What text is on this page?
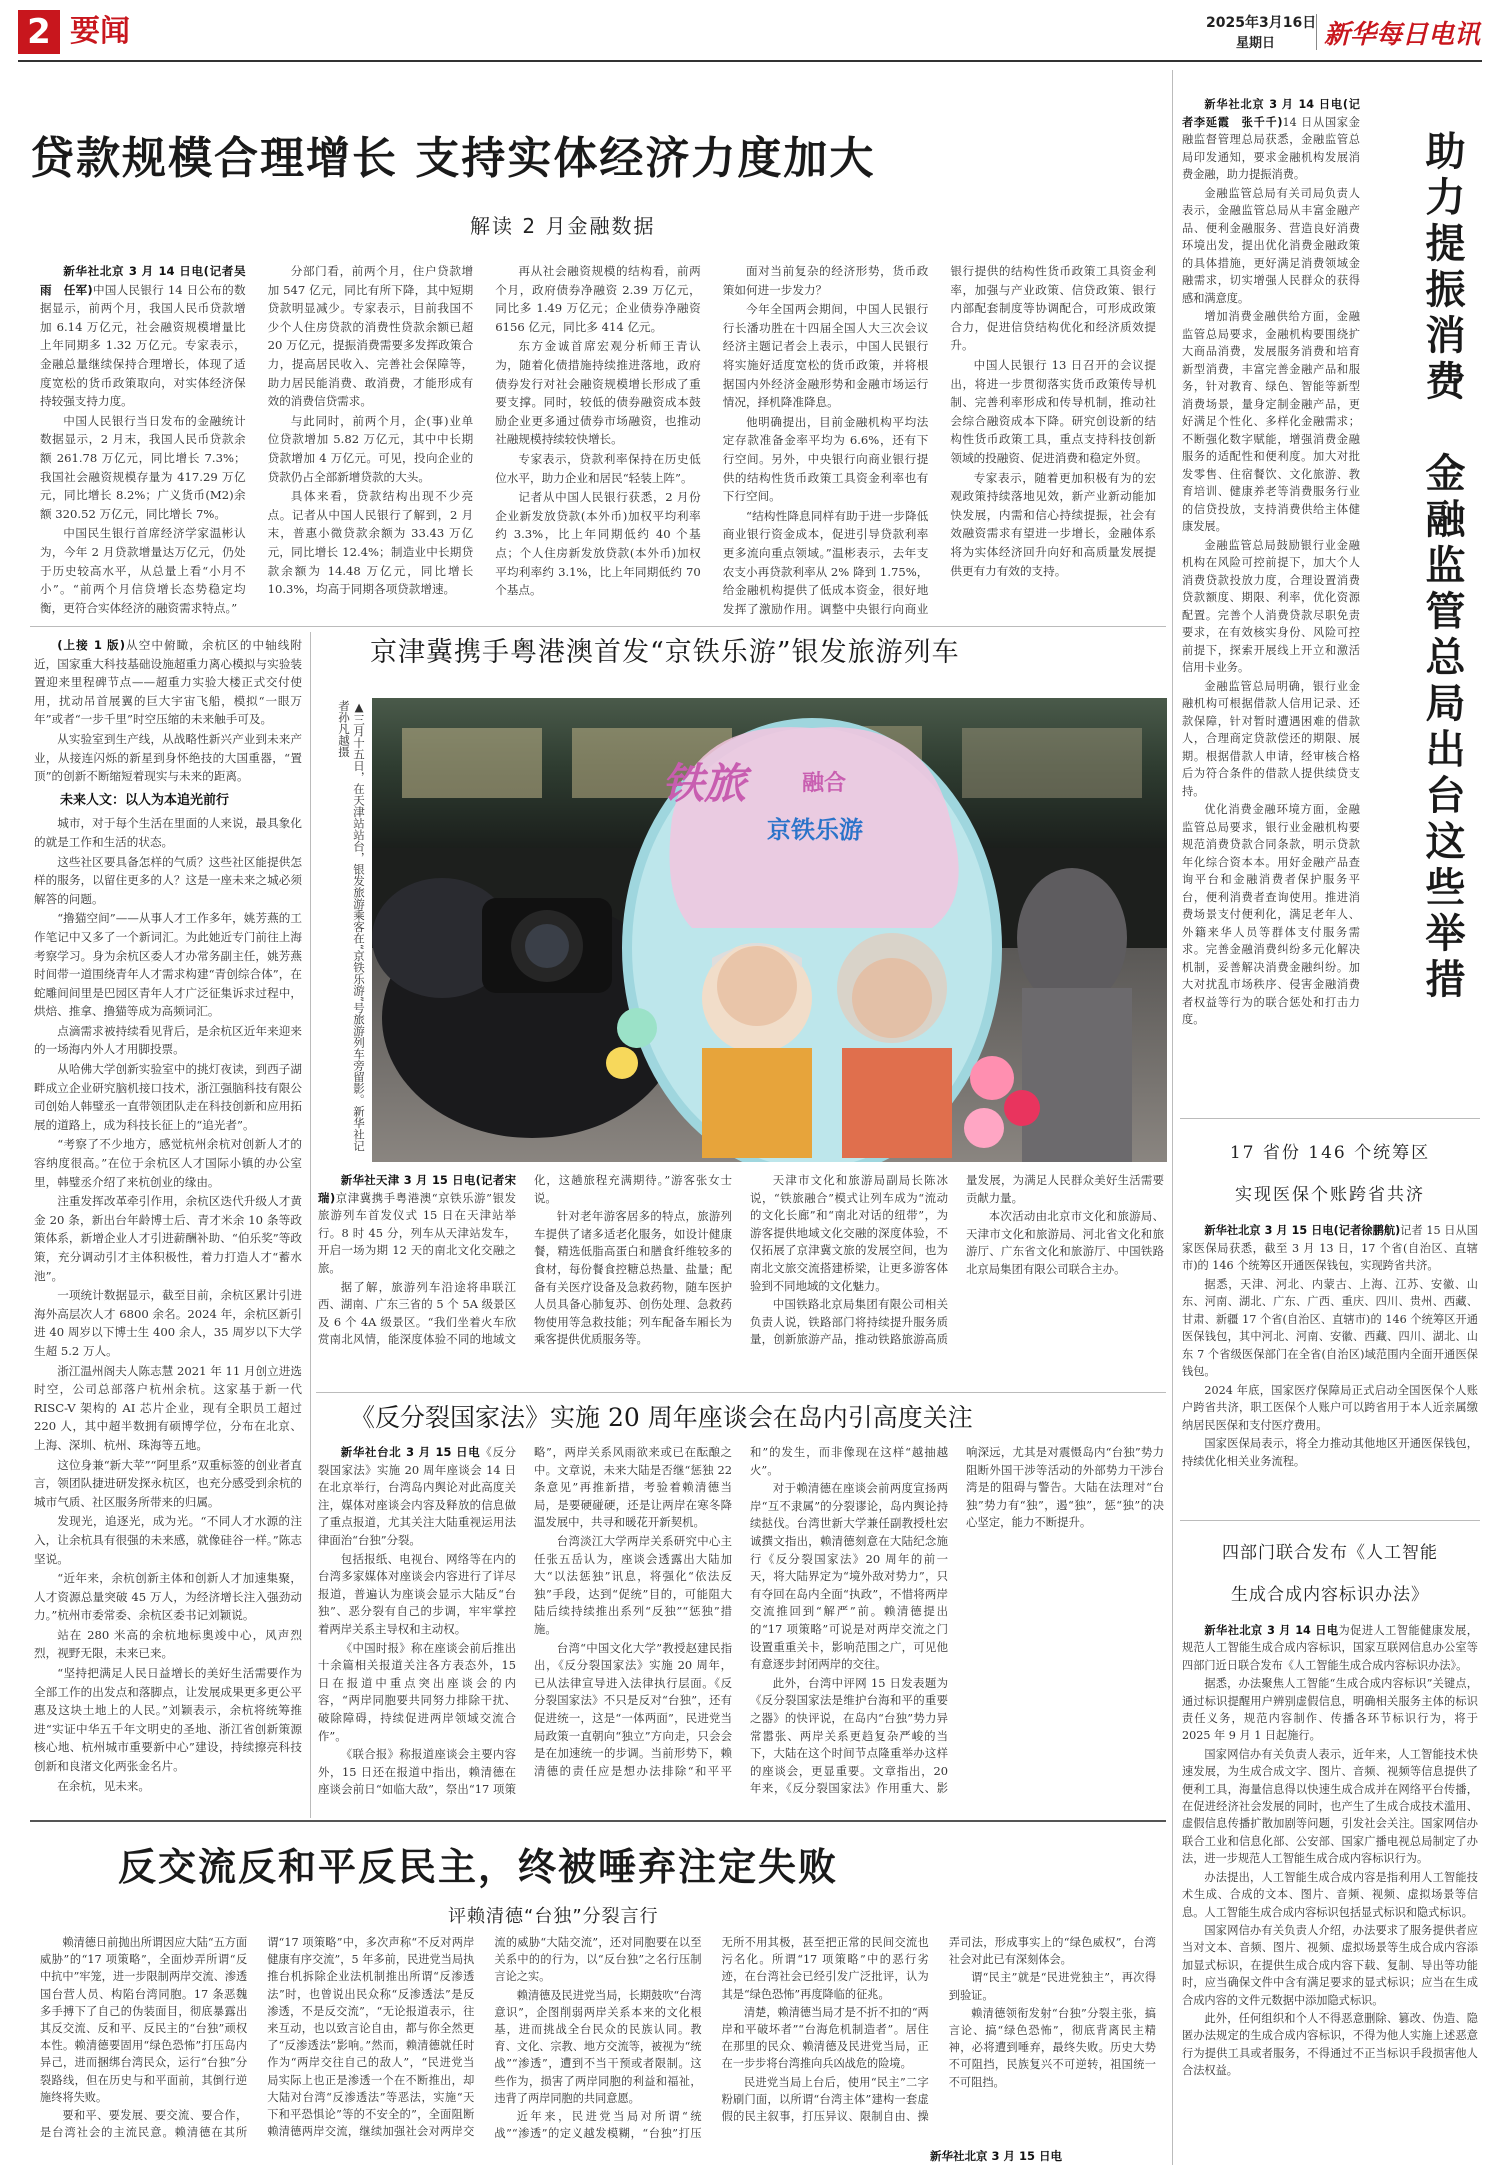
2 要闻	2025年3月16日
星期日 新华每日电讯
贷款规模合理增长 支持实体经济力度加大
解读 2 月金融数据

新华社北京 3 月 14 日电(记者吴雨　任军)中国人民银行 14 日公布的数据显示，前两个月，我国人民币贷款增加 6.14 万亿元，社会融资规模增量比上年同期多 1.32 万亿元。专家表示，金融总量继续保持合理增长，体现了适度宽松的货币政策取向，对实体经济保持较强支持力度。

中国人民银行当日发布的金融统计数据显示，2 月末，我国人民币贷款余额 261.78 万亿元，同比增长 7.3%；我国社会融资规模存量为 417.29 万亿元，同比增长 8.2%；广义货币(M2)余额 320.52 万亿元，同比增长 7%。

中国民生银行首席经济学家温彬认为，今年 2 月贷款增量达万亿元，仍处于历史较高水平，从总量上看“小月不小”。“前两个月信贷增长态势稳定均衡，更符合实体经济的融资需求特点。”

分部门看，前两个月，住户贷款增加 547 亿元，同比有所下降，其中短期贷款明显减少。专家表示，目前我国不少个人住房贷款的消费性贷款余额已超 20 万亿元，提振消费需要多发挥政策合力，提高居民收入、完善社会保障等，助力居民能消费、敢消费，才能形成有效的消费信贷需求。

与此同时，前两个月，企(事)业单位贷款增加 5.82 万亿元，其中中长期贷款增加 4 万亿元。可见，投向企业的贷款仍占全部新增贷款的大头。

具体来看，贷款结构出现不少亮点。记者从中国人民银行了解到，2 月末，普惠小微贷款余额为 33.43 万亿元，同比增长 12.4%；制造业中长期贷款余额为 14.48 万亿元，同比增长 10.3%，均高于同期各项贷款增速。

再从社会融资规模的结构看，前两个月，政府债券净融资 2.39 万亿元，同比多 1.49 万亿元；企业债券净融资 6156 亿元，同比多 414 亿元。

东方金诚首席宏观分析师王青认为，随着化债措施持续推进落地，政府债券发行对社会融资规模增长形成了重要支撑。同时，较低的债券融资成本鼓励企业更多通过债券市场融资，也推动社融规模持续较快增长。

专家表示，贷款利率保持在历史低位水平，助力企业和居民“轻装上阵”。

记者从中国人民银行获悉，2 月份企业新发放贷款(本外币)加权平均利率约 3.3%，比上年同期低约 40 个基点；个人住房新发放贷款(本外币)加权平均利率约 3.1%，比上年同期低约 70 个基点。

面对当前复杂的经济形势，货币政策如何进一步发力？

今年全国两会期间，中国人民银行行长潘功胜在十四届全国人大三次会议经济主题记者会上表示，中国人民银行将实施好适度宽松的货币政策，并将根据国内外经济金融形势和金融市场运行情况，择机降准降息。

他明确提出，目前金融机构平均法定存款准备金率平均为 6.6%，还有下行空间。另外，中央银行向商业银行提供的结构性货币政策工具资金利率也有下行空间。

“结构性降息同样有助于进一步降低商业银行资金成本，促进引导贷款利率更多流向重点领域。”温彬表示，去年支农支小再贷款利率从 2% 降到 1.75%，给金融机构提供了低成本资金，很好地发挥了激励作用。调整中央银行向商业银行提供的结构性货币政策工具资金利率，加强与产业政策、信贷政策、银行内部配套制度等协调配合，可形成政策合力，促进信贷结构优化和经济质效提升。

中国人民银行 13 日召开的会议提出，将进一步贯彻落实货币政策传导机制、完善利率形成和传导机制，推动社会综合融资成本下降。研究创设新的结构性货币政策工具，重点支持科技创新领域的投融资、促进消费和稳定外贸。

专家表示，随着更加积极有为的宏观政策持续落地见效，新产业新动能加快发展，内需和信心持续提振，社会有效融资需求有望进一步增长，金融体系将为实体经济回升向好和高质量发展提供更有力有效的支持。

新华社北京 3 月 14 日电(记者李延霞　张千千)14 日从国家金融监督管理总局获悉，金融监管总局印发通知，要求金融机构发展消费金融，助力提振消费。

金融监管总局有关司局负责人表示，金融监管总局从丰富金融产品、便利金融服务、营造良好消费环境出发，提出优化消费金融政策的具体措施，更好满足消费领域金融需求，切实增强人民群众的获得感和满意度。

增加消费金融供给方面，金融监管总局要求，金融机构要围绕扩大商品消费，发展服务消费和培育新型消费，丰富完善金融产品和服务，针对教育、绿色、智能等新型消费场景，量身定制金融产品，更好满足个性化、多样化金融需求；不断强化数字赋能，增强消费金融服务的适配性和便利度。加大对批发零售、住宿餐饮、文化旅游、教育培训、健康养老等消费服务行业的信贷投放，支持消费供给主体健康发展。

金融监管总局鼓励银行业金融机构在风险可控前提下，加大个人消费贷款投放力度，合理设置消费贷款额度、期限、利率，优化资源配置。完善个人消费贷款尽职免责要求，在有效核实身份、风险可控前提下，探索开展线上开立和激活信用卡业务。

金融监管总局明确，银行业金融机构可根据借款人信用记录、还款保障，针对暂时遭遇困难的借款人，合理商定贷款偿还的期限、展期。根据借款人申请，经审核合格后为符合条件的借款人提供续贷支持。

优化消费金融环境方面，金融监管总局要求，银行业金融机构要规范消费贷款合同条款，明示贷款年化综合资本本。用好金融产品查询平台和金融消费者保护服务平台，便利消费者查询使用。推进消费场景支付便利化，满足老年人、外籍来华人员等群体支付服务需求。完善金融消费纠纷多元化解决机制，妥善解决消费金融纠纷。加大对扰乱市场秩序、侵害金融消费者权益等行为的联合惩处和打击力度。

助力提振消费　金融监管总局出台这些举措
17 省份 146 个统筹区
实现医保个账跨省共济

新华社北京 3 月 15 日电(记者徐鹏航)记者 15 日从国家医保局获悉，截至 3 月 13 日，17 个省(自治区、直辖市)的 146 个统筹区开通医保钱包，实现跨省共济。

据悉，天津、河北、内蒙古、上海、江苏、安徽、山东、河南、湖北、广东、广西、重庆、四川、贵州、西藏、甘肃、新疆 17 个省(自治区、直辖市)的 146 个统筹区开通医保钱包，其中河北、河南、安徽、西藏、四川、湖北、山东 7 个省级医保部门在全省(自治区)域范围内全面开通医保钱包。

2024 年底，国家医疗保障局正式启动全国医保个人账户跨省共济，职工医保个人账户可以跨省用于本人近亲属缴纳居民医保和支付医疗费用。

国家医保局表示，将全力推动其他地区开通医保钱包，持续优化相关业务流程。

四部门联合发布《人工智能
生成合成内容标识办法》

新华社北京 3 月 14 日电为促进人工智能健康发展，规范人工智能生成合成内容标识，国家互联网信息办公室等四部门近日联合发布《人工智能生成合成内容标识办法》。

据悉，办法聚焦人工智能“生成合成内容标识”关键点，通过标识提醒用户辨别虚假信息，明确相关服务主体的标识责任义务，规范内容制作、传播各环节标识行为，将于 2025 年 9 月 1 日起施行。

国家网信办有关负责人表示，近年来，人工智能技术快速发展，为生成合成文字、图片、音频、视频等信息提供了便利工具，海量信息得以快速生成合成并在网络平台传播，在促进经济社会发展的同时，也产生了生成合成技术滥用、虚假信息传播扩散加剧等问题，引发社会关注。国家网信办联合工业和信息化部、公安部、国家广播电视总局制定了办法，进一步规范人工智能生成合成内容标识行为。

办法提出，人工智能生成合成内容是指利用人工智能技术生成、合成的文本、图片、音频、视频、虚拟场景等信息。人工智能生成合成内容标识包括显式标识和隐式标识。

国家网信办有关负责人介绍，办法要求了服务提供者应当对文本、音频、图片、视频、虚拟场景等生成合成内容添加显式标识，在提供生成合成内容下载、复制、导出等功能时，应当确保文件中含有满足要求的显式标识；应当在生成合成内容的文件元数据中添加隐式标识。

此外，任何组织和个人不得恶意删除、篡改、伪造、隐匿办法规定的生成合成内容标识，不得为他人实施上述恶意行为提供工具或者服务，不得通过不正当标识手段损害他人合法权益。

(上接 1 版)从空中俯瞰，余杭区的中轴线附近，国家重大科技基础设施超重力离心模拟与实验装置迎来里程碑节点——超重力实验大楼正式交付使用，扰动吊首展翼的巨大宇宙飞船，模拟“一眼万年”或者“一步千里”时空压缩的未来触手可及。

从实验室到生产线，从战略性新兴产业到未来产业，从接连闪烁的新星到身怀绝技的大国重器，“置顶”的创新不断缩短着现实与未来的距离。

未来人文：以人为本追光前行

城市，对于每个生活在里面的人来说，最具象化的就是工作和生活的状态。

这些社区要具备怎样的气质？这些社区能提供怎样的服务，以留住更多的人？这是一座未来之城必须解答的问题。

“撸猫空间”——从事人才工作多年，姚芳燕的工作笔记中又多了一个新词汇。为此她近专门前往上海考察学习。身为余杭区委人才办常务副主任，姚芳燕时间带一道围绕青年人才需求构建“青创综合体”，在蛇雕间间里是巴园区青年人才广泛征集诉求过程中，烘焙、推拿、撸猫等成为高频词汇。

点滴需求被持续看见背后，是余杭区近年来迎来的一场海内外人才用脚投票。

从哈佛大学创新实验室中的挑灯夜读，到西子湖畔成立企业研究脑机接口技术，浙江强脑科技有限公司创始人韩璧丞一直带领团队走在科技创新和应用拓展的道路上，成为科技长征上的“追光者”。

“考察了不少地方，感觉杭州余杭对创新人才的容纳度很高。”在位于余杭区人才国际小镇的办公室里，韩璧丞介绍了来杭创业的缘由。

注重发挥改革牵引作用，余杭区迭代升级人才黄金 20 条，新出台年龄博士后、青才米余 10 条等政策体系，新增企业人才引进薪酬补助、“伯乐奖”等政策，充分调动引才主体积极性，着力打造人才“蓄水池”。

一项统计数据显示，截至目前，余杭区累计引进海外高层次人才 6800 余名。2024 年，余杭区新引进 40 周岁以下博士生 400 余人，35 周岁以下大学生超 5.2 万人。

浙江温州阁夫人陈志慧 2021 年 11 月创立进选时空，公司总部落户杭州余杭。这家基于新一代 RISC-V 架构的 AI 芯片企业，现有全职员工超过 220 人，其中超半数拥有硕博学位，分布在北京、上海、深圳、杭州、珠海等五地。

这位身兼“新大苹”“阿里系”双重标签的创业者直言，领团队捷进研发探永杭区，也充分感受到余杭的城市气质、社区服务所带来的归属。

发现光，追逐光，成为光。“不同人才水源的注入，让余杭具有很强的未来感，就像硅谷一样。”陈志坚说。

“近年来，余杭创新主体和创新人才加速集聚，人才资源总量突破 45 万人，为经济增长注入强劲动力。”杭州市委常委、余杭区委书记刘颖说。

站在 280 米高的余杭地标奥竣中心，风声烈烈，视野无限，未来已来。

“坚持把满足人民日益增长的美好生活需要作为全部工作的出发点和落脚点，让发展成果更多更公平惠及这块土地上的人民。”刘颖表示，余杭将统筹推进“实证中华五千年文明史的圣地、浙江省创新策源核心地、杭州城市重要新中心”建设，持续擦亮科技创新和良渚文化两张金名片。

在余杭，见未来。

京津冀携手粤港澳首发“京铁乐游”银发旅游列车
▲三月十五日，在天津站站台，银发旅游乘客在“京铁乐游”号旅游列车旁留影。新华社记者孙凡越摄
铁旅	融合
京铁乐游

新华社天津 3 月 15 日电(记者宋瑞)京津冀携手粤港澳“京铁乐游”银发旅游列车首发仪式 15 日在天津站举行。8 时 45 分，列车从天津站发车，开启一场为期 12 天的南北文化交融之旅。

据了解，旅游列车沿途将串联江西、湖南、广东三省的 5 个 5A 级景区及 6 个 4A 级景区。“我们坐着火车欣赏南北风情，能深度体验不同的地域文化，这趟旅程充满期待。”游客张女士说。

针对老年游客居多的特点，旅游列车提供了诸多适老化服务，如设计健康餐，精选低脂高蛋白和膳食纤维较多的食材，每份餐食控糖总热量、盐量；配备有关医疗设备及急救药物，随车医护人员具备心肺复苏、创伤处理、急救药物使用等急救技能；列车配备车厢长为乘客提供优质服务等。

天津市文化和旅游局副局长陈冰说，“铁旅融合”模式让列车成为“流动的文化长廊”和“南北对话的纽带”，为游客提供地域文化交融的深度体验，不仅拓展了京津冀文旅的发展空间，也为南北文旅交流搭建桥梁，让更多游客体验到不同地域的文化魅力。

中国铁路北京局集团有限公司相关负责人说，铁路部门将持续提升服务质量，创新旅游产品，推动铁路旅游高质量发展，为满足人民群众美好生活需要贡献力量。

本次活动由北京市文化和旅游局、天津市文化和旅游局、河北省文化和旅游厅、广东省文化和旅游厅、中国铁路北京局集团有限公司联合主办。

《反分裂国家法》实施 20 周年座谈会在岛内引高度关注

新华社台北 3 月 15 日电《反分裂国家法》实施 20 周年座谈会 14 日在北京举行，台湾岛内舆论对此高度关注，媒体对座谈会内容及释放的信息做了重点报道，尤其关注大陆重视运用法律面治“台独”分裂。

包括报纸、电视台、网络等在内的台湾多家媒体对座谈会内容进行了详尽报道，普遍认为座谈会显示大陆反“台独”、恶分裂有自己的步调，牢牢掌控着两岸关系主导权和主动权。

《中国时报》称在座谈会前后推出十余篇相关报道关注各方表态外，15 日在报道中重点突出座谈会的内容，“两岸同胞要共同努力排除干扰、破除障碍，持续促进两岸领域交流合作”。

《联合报》称报道座谈会主要内容外，15 日还在报道中指出，赖清德在座谈会前日“如临大敌”，祭出“17 项策略”，两岸关系风雨欲来或已在酝酿之中。文章说，未来大陆是否继“惩独 22 条意见”再推新措，考验着赖清德当局，是要硬碰硬，还是让两岸在寒冬降温发展中，共寻和暖花开新契机。

台湾淡江大学两岸关系研究中心主任张五岳认为，座谈会透露出大陆加大“以法惩独”讯息，将强化“依法反独”手段，达到“促统”目的，可能阻大陆后续持续推出系列“反独”“惩独”措施。

台湾“中国文化大学”教授赵建民指出，《反分裂国家法》实施 20 周年，已从法律宣导进入法律执行层面。《反分裂国家法》不只是反对“台独”，还有促进统一，这是“一体两面”，民进党当局政策一直朝向“独立”方向走，只会会是在加速统一的步调。当前形势下，赖清德的责任应是想办法排除“和平平和”的发生，而非像现在这样“越抽越火”。

对于赖清德在座谈会前两度宣扬两岸“互不隶属”的分裂谬论，岛内舆论持续挞伐。台湾世新大学兼任副教授杜宏诚撰文指出，赖清德刻意在大陆纪念施行《反分裂国家法》20 周年的前一天，将大陆界定为“境外敌对势力”，只有夺回在岛内全面“执政”，不惜将两岸交流推回到“解严”前。赖清德提出的“17 项策略”可说是对两岸交流之门设置重重关卡，影响范围之广，可见他有意逐步封闭两岸的交往。

此外，台湾中评网 15 日发表题为《反分裂国家法是维护台海和平的重要之器》的快评说，在岛内“台独”势力异常嚣张、两岸关系更趋复杂严峻的当下，大陆在这个时间节点隆重举办这样的座谈会，更显重要。文章指出，20 年来，《反分裂国家法》作用重大、影响深远，尤其是对震慑岛内“台独”势力阻断外国干涉等活动的外部势力干涉台湾是的阻碍与警告。大陆在法理对“台独”势力有“独”，遏“独”，惩“独”的决心坚定，能力不断提升。

反交流反和平反民主，终被唾弃注定失败
评赖清德“台独”分裂言行

赖清德日前抛出所谓因应大陆“五方面威胁”的“17 项策略”，全面炒弄所谓“反中抗中”牢笼，进一步限制两岸交流、渗透国台营人员、构陷台湾同胞。17 条恶魏多手搏下了自己的伪装面目，彻底暴露出其反交流、反和平、反民主的“台独”顽权本性。赖清德要固用“绿色恐怖”打压岛内异己，进而捆绑台湾民众，运行“台独”分裂路线，但在历史与和平面前，其倒行逆施终将失败。

要和平、要发展、要交流、要合作，是台湾社会的主流民意。赖清德在其所谓“17 项策略”中，多次声称“不反对两岸健康有序交流”，5 年多前，民进党当局执推台机拆除企业法机制推出所谓“反渗透法”时，也曾说出民众称“反渗透法”是反渗透，不是反交流”，“无论报道表示，往来互动，也以致言论自由，都与你全然更了“反渗透法”影响。”然而，赖清德就任时作为“两岸交往自己的敌人”，“民进党当局实际上也正是渗透一个在不断推出，却大陆对台湾“反渗透法”等恶法，实施“天下和平恐惧论”等的不安全的”，全面阻断赖清德两岸交流，继续加强社会对两岸交流的威胁“大陆交流”，还对同胞要在以至关系中的的行为，以“反台独”之名行压制言论之实。

赖清德及民进党当局，长期鼓吹“台湾意识”，企图削弱两岸关系本来的文化根基，进而挑战全台民众的民族认同。教育、文化、宗教、地方交流等，被视为“统战”“渗透”，遭到不当干预或者限制。这些作为，损害了两岸同胞的利益和福祉，违背了两岸同胞的共同意愿。

近年来，民进党当局对所谓“统战”“渗透”的定义越发模糊，“台独”打压无所不用其极，甚至把正常的民间交流也污名化。所谓“17 项策略”中的恶行劣迹，在台湾社会已经引发广泛批评，认为其是“绿色恐怖”再度降临的征兆。

清楚，赖清德当局才是不折不扣的“两岸和平破坏者”“台海危机制造者”。居住在那里的民众、赖清德及民进党当局，正在一步步将台湾推向兵凶战危的险境。

民进党当局上台后，使用“民主”二字粉刷门面，以所谓“台湾主体”建构一套虚假的民主叙事，打压异议、限制自由、操弄司法，形成事实上的“绿色威权”，台湾社会对此已有深刻体会。

谓“民主”就是“民进党独主”，再次得到验证。

赖清德领衔发射“台独”分裂主张，搞言论、搞“绿色恐怖”，彻底背离民主精神，必将遭到唾弃，最终失败。历史大势不可阻挡，民族复兴不可逆转，祖国统一不可阻挡。

新华社北京 3 月 15 日电
